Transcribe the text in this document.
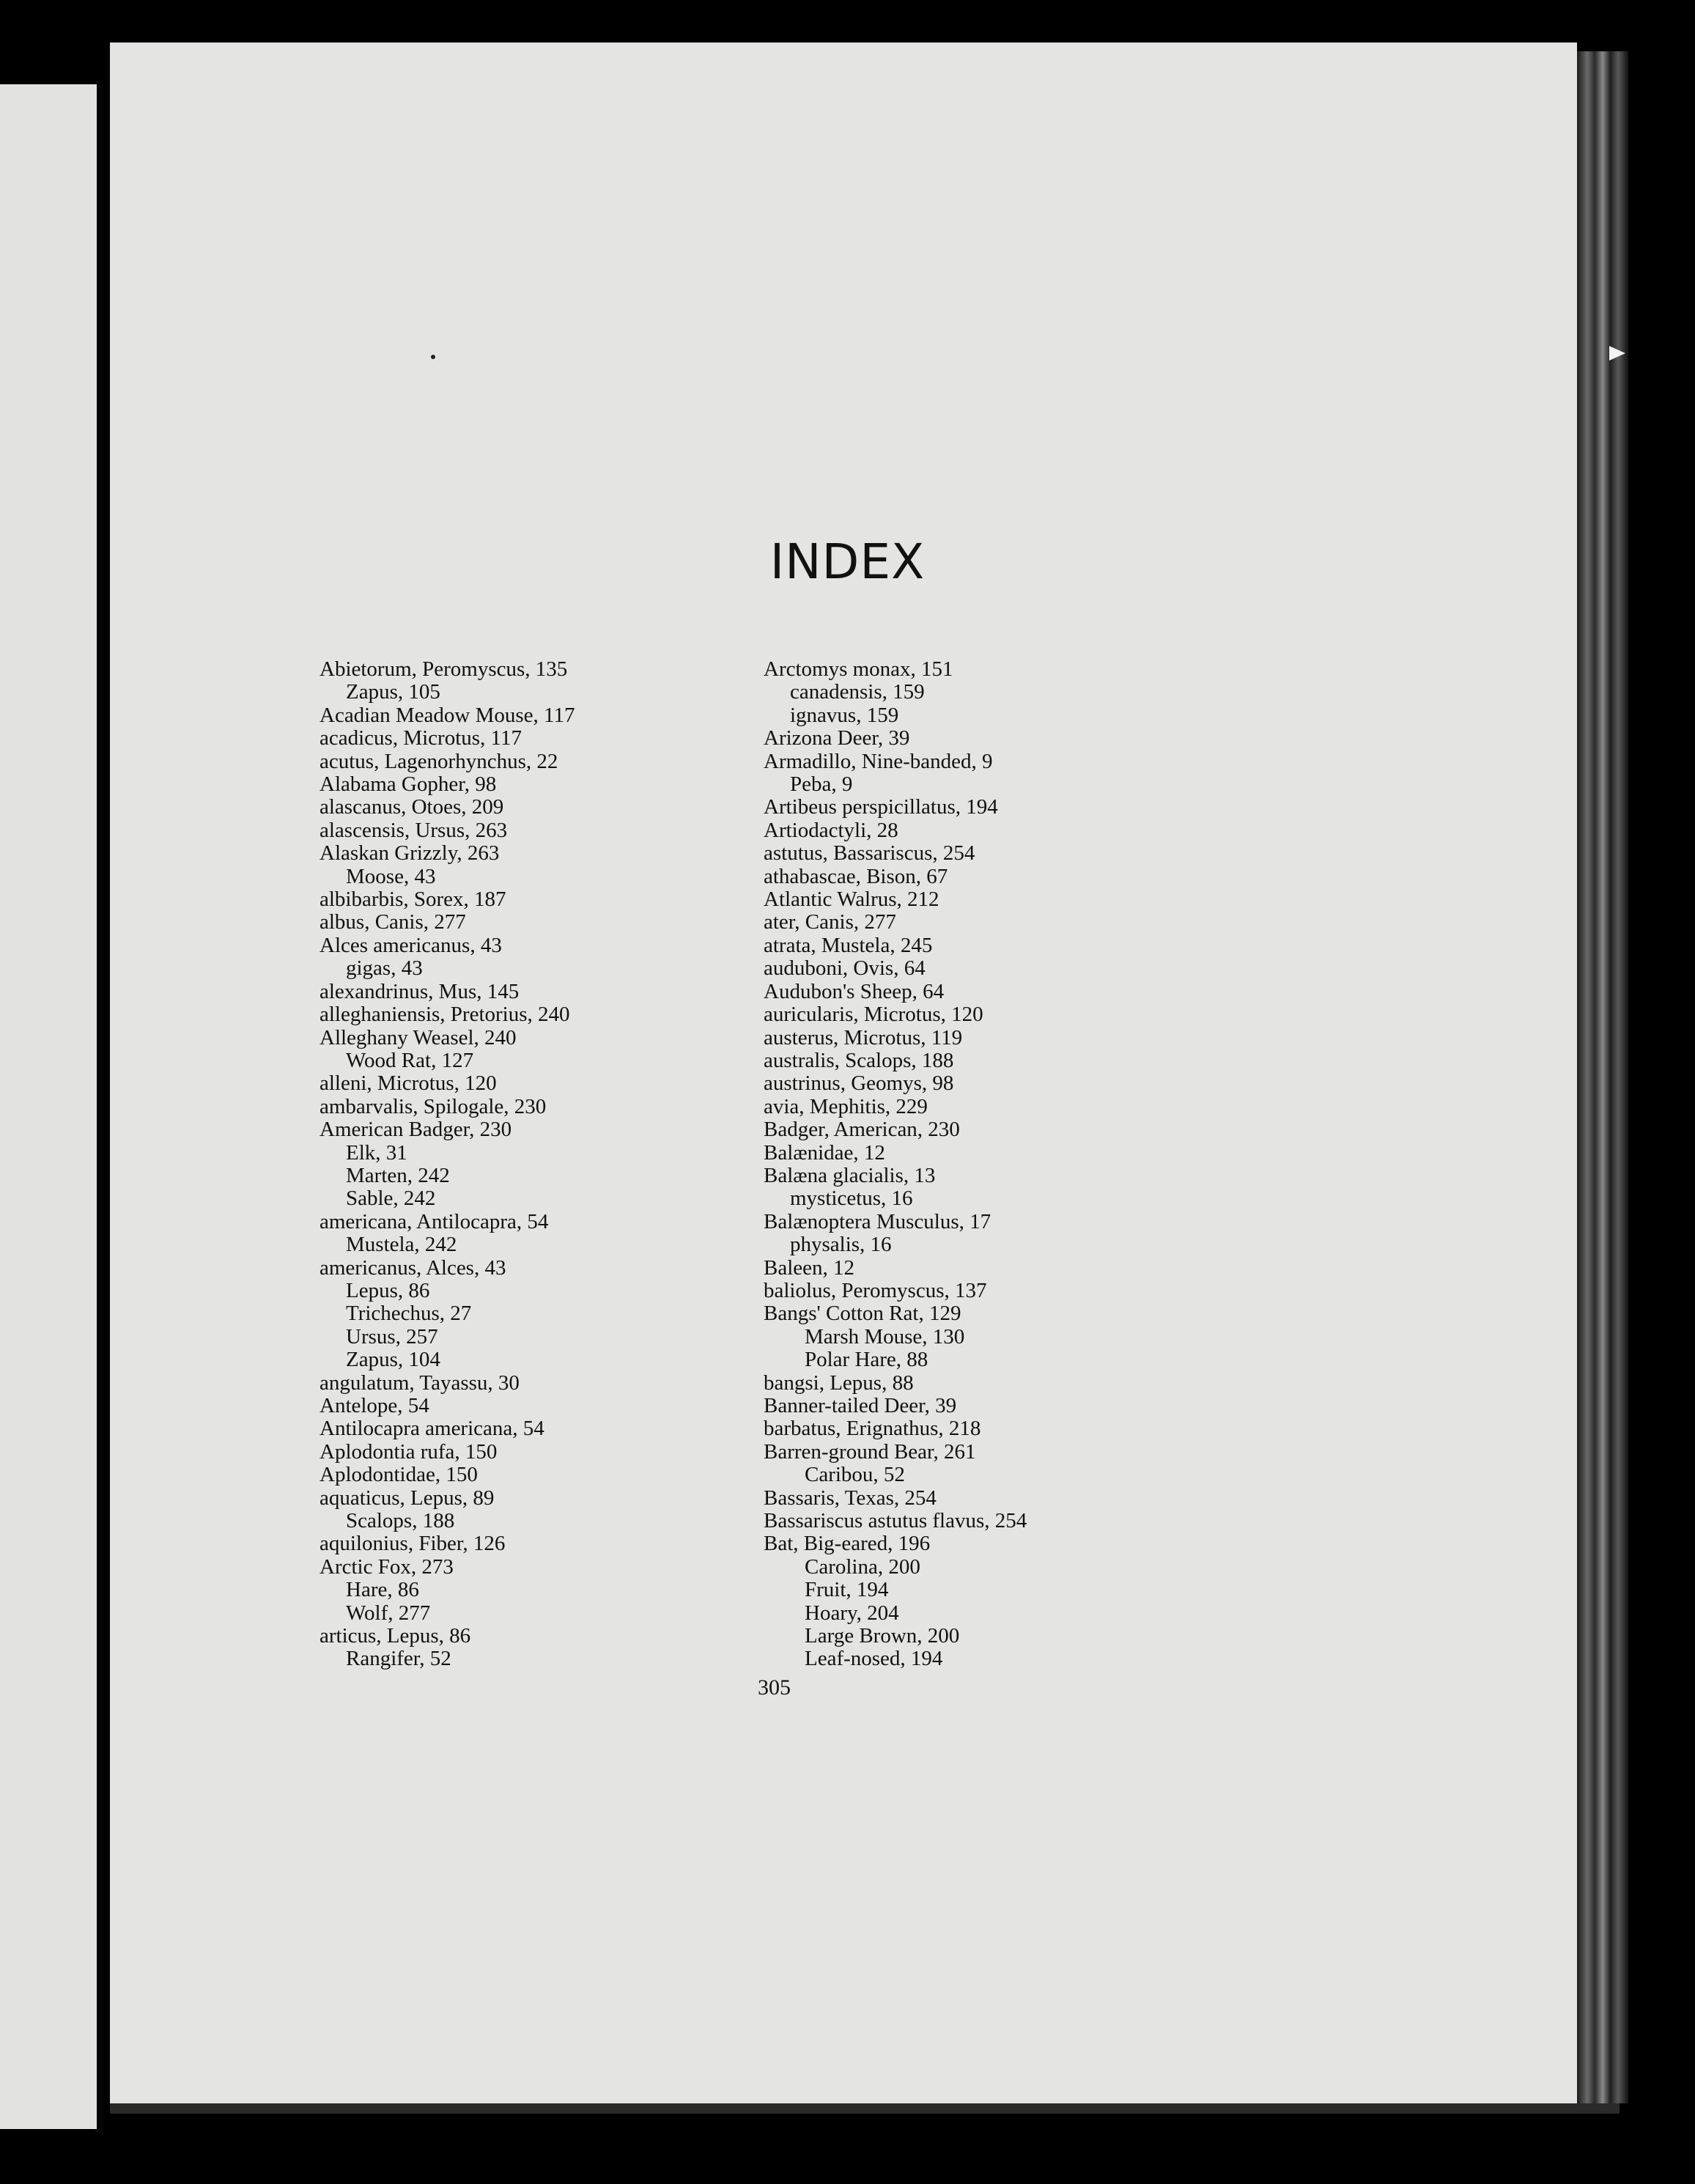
INDEX
Abietorum, Peromyscus, 135
Zapus, 105
Acadian Meadow Mouse, 117
acadicus, Microtus, 117
acutus, Lagenorhynchus, 22
Alabama Gopher, 98
alascanus, Otoes, 209
alascensis, Ursus, 263
Alaskan Grizzly, 263
Moose, 43
albibarbis, Sorex, 187
albus, Canis, 277
Alces americanus, 43
gigas, 43
alexandrinus, Mus, 145
alleghaniensis, Pretorius, 240
Alleghany Weasel, 240
Wood Rat, 127
alleni, Microtus, 120
ambarvalis, Spilogale, 230
American Badger, 230
Elk, 31
Marten, 242
Sable, 242
americana, Antilocapra, 54
Mustela, 242
americanus, Alces, 43
Lepus, 86
Trichechus, 27
Ursus, 257
Zapus, 104
angulatum, Tayassu, 30
Antelope, 54
Antilocapra americana, 54
Aplodontia rufa, 150
Aplodontidae, 150
aquaticus, Lepus, 89
Scalops, 188
aquilonius, Fiber, 126
Arctic Fox, 273
Hare, 86
Wolf, 277
articus, Lepus, 86
Rangifer, 52
Arctomys monax, 151
canadensis, 159
ignavus, 159
Arizona Deer, 39
Armadillo, Nine-banded, 9
Peba, 9
Artibeus perspicillatus, 194
Artiodactyli, 28
astutus, Bassariscus, 254
athabascae, Bison, 67
Atlantic Walrus, 212
ater, Canis, 277
atrata, Mustela, 245
auduboni, Ovis, 64
Audubon's Sheep, 64
auricularis, Microtus, 120
austerus, Microtus, 119
australis, Scalops, 188
austrinus, Geomys, 98
avia, Mephitis, 229
Badger, American, 230
Balænidae, 12
Balæna glacialis, 13
mysticetus, 16
Balænoptera Musculus, 17
physalis, 16
Baleen, 12
baliolus, Peromyscus, 137
Bangs' Cotton Rat, 129
Marsh Mouse, 130
Polar Hare, 88
bangsi, Lepus, 88
Banner-tailed Deer, 39
barbatus, Erignathus, 218
Barren-ground Bear, 261
Caribou, 52
Bassaris, Texas, 254
Bassariscus astutus flavus, 254
Bat, Big-eared, 196
Carolina, 200
Fruit, 194
Hoary, 204
Large Brown, 200
Leaf-nosed, 194
305
